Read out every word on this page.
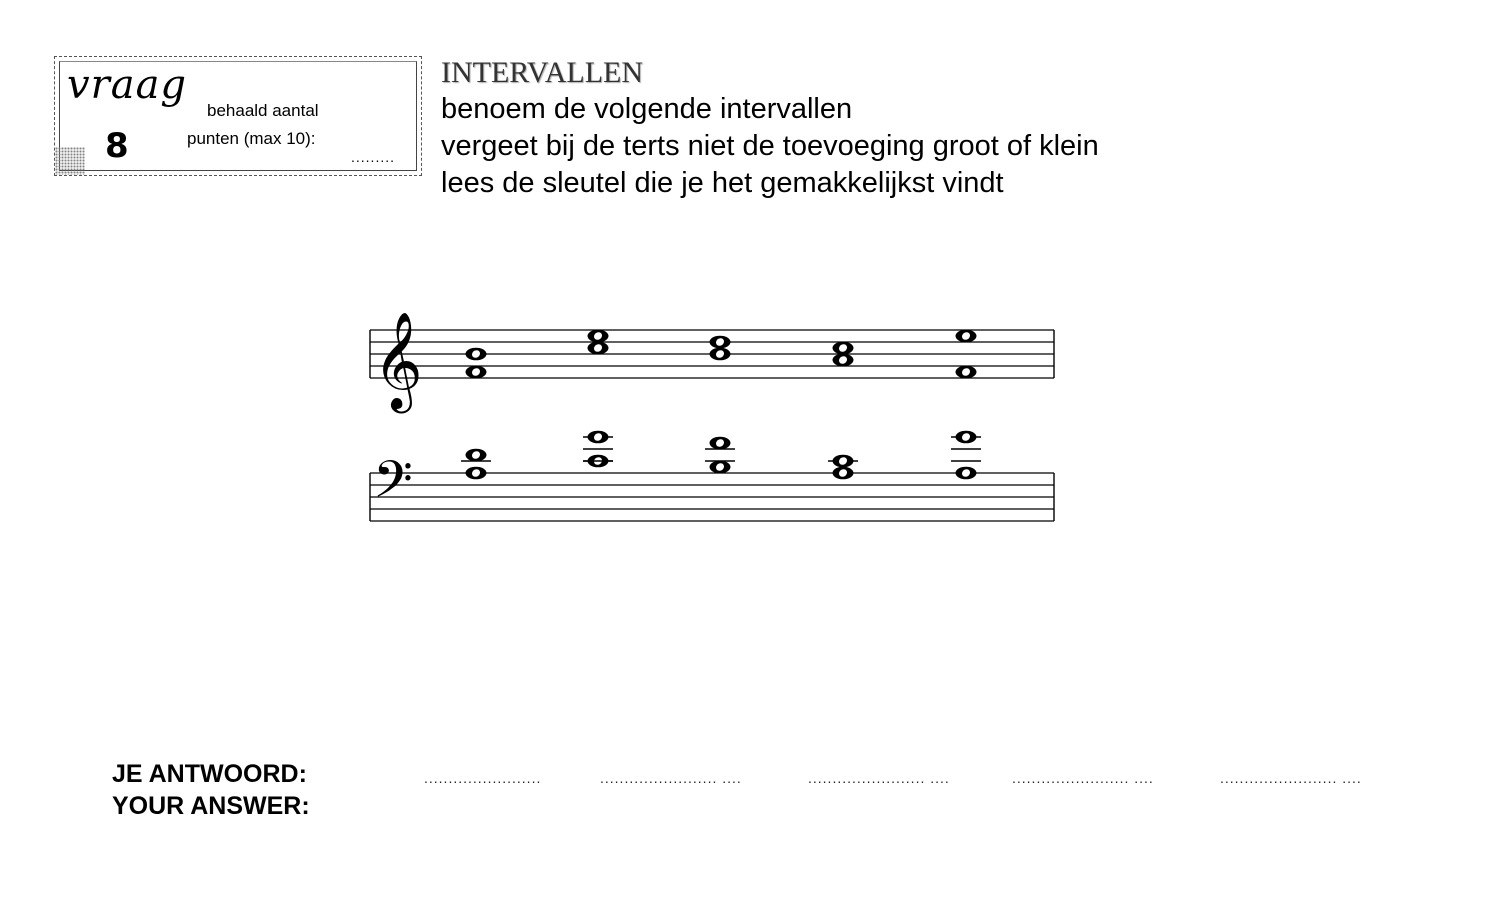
vraag
8
behaald aantal
punten (max 10):
.........
INTERVALLEN
benoem de volgende intervallen
vergeet bij de terts niet de toevoeging groot of klein
lees de sleutel die je het gemakkelijkst vindt
𝄞
𝄢
JE ANTWOORD:
YOUR ANSWER:
........................	........................ ....	........................ ....	........................ ....	........................ ....
